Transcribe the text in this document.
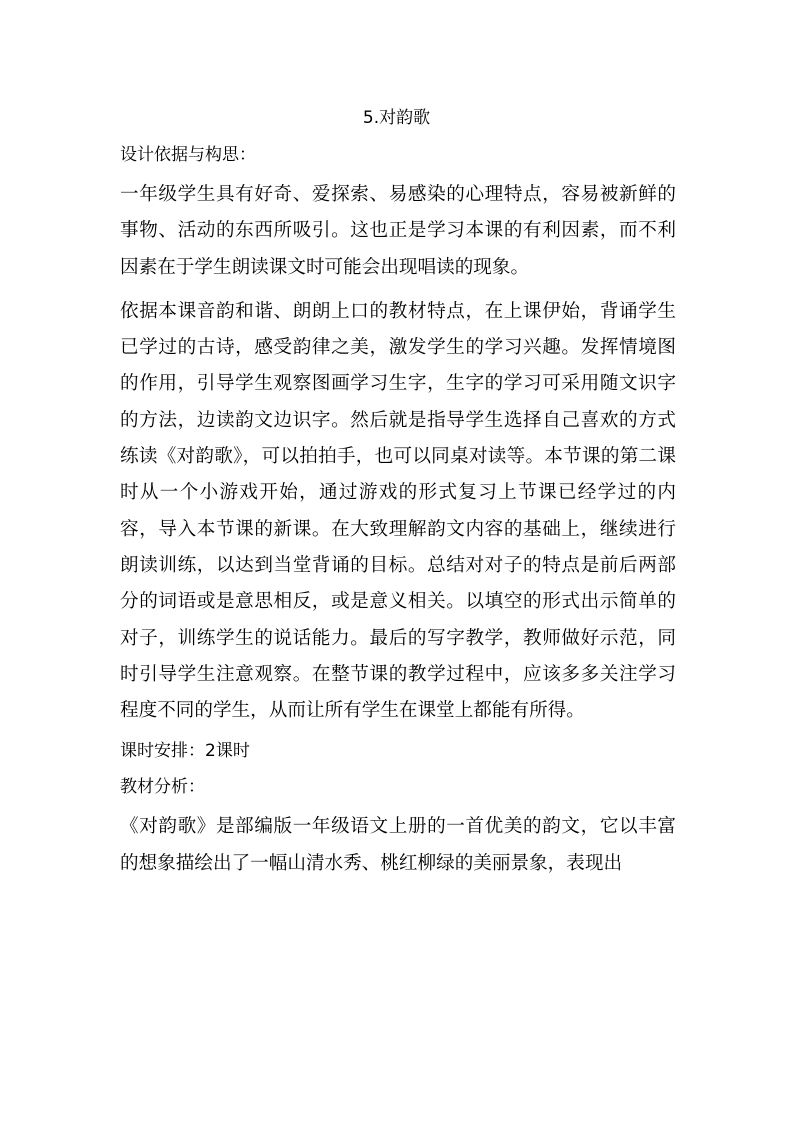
5.对韵歌
设计依据与构思：

一年级学生具有好奇、爱探索、易感染的心理特点，容易被新鲜的事物、活动的东西所吸引。这也正是学习本课的有利因素，而不利因素在于学生朗读课文时可能会出现唱读的现象。

依据本课音韵和谐、朗朗上口的教材特点，在上课伊始，背诵学生已学过的古诗，感受韵律之美，激发学生的学习兴趣。发挥情境图的作用，引导学生观察图画学习生字，生字的学习可采用随文识字的方法，边读韵文边识字。然后就是指导学生选择自己喜欢的方式练读《对韵歌》，可以拍拍手，也可以同桌对读等。本节课的第二课时从一个小游戏开始，通过游戏的形式复习上节课已经学过的内容，导入本节课的新课。在大致理解韵文内容的基础上，继续进行朗读训练，以达到当堂背诵的目标。总结对对子的特点是前后两部分的词语或是意思相反，或是意义相关。以填空的形式出示简单的对子，训练学生的说话能力。最后的写字教学，教师做好示范，同时引导学生注意观察。在整节课的教学过程中，应该多多关注学习程度不同的学生，从而让所有学生在课堂上都能有所得。

课时安排：2课时
教材分析：

《对韵歌》是部编版一年级语文上册的一首优美的韵文，它以丰富的想象描绘出了一幅山清水秀、桃红柳绿的美丽景象，表现出
